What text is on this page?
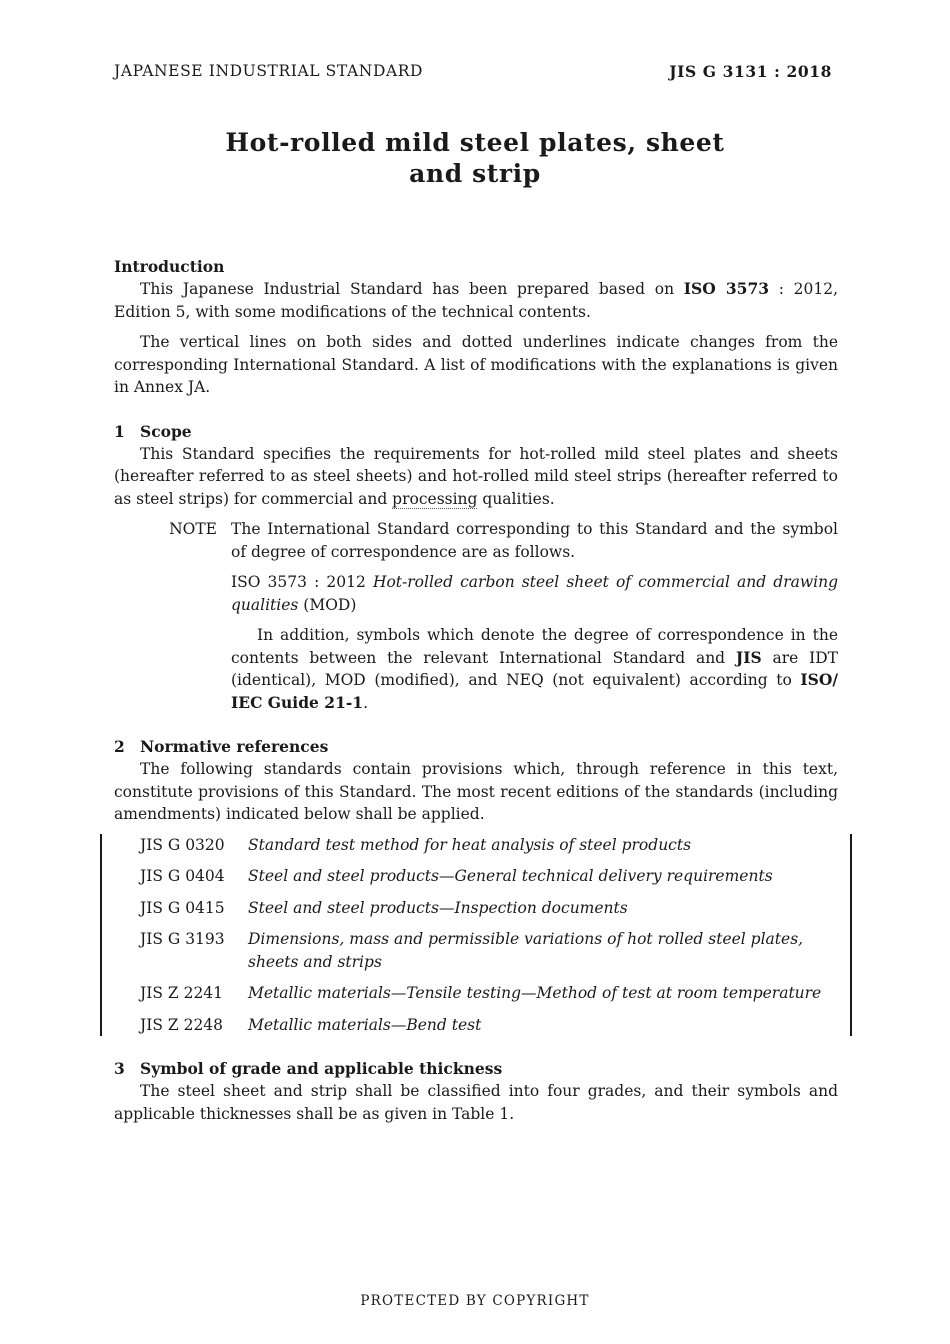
JAPANESE INDUSTRIAL STANDARD	JIS G 3131 : 2018
Hot-rolled mild steel plates, sheet
and strip
Introduction

This Japanese Industrial Standard has been prepared based on ISO 3573 : 2012, Edition 5, with some modifications of the technical contents.

The vertical lines on both sides and dotted underlines indicate changes from the corresponding International Standard. A list of modifications with the explanations is given in Annex JA.

1 Scope

This Standard specifies the requirements for hot-rolled mild steel plates and sheets (hereafter referred to as steel sheets) and hot-rolled mild steel strips (hereafter referred to as steel strips) for commercial and processing qualities.

NOTE The International Standard corresponding to this Standard and the symbol of degree of correspondence are as follows.

ISO 3573 : 2012 Hot-rolled carbon steel sheet of commercial and drawing qualities (MOD)

In addition, symbols which denote the degree of correspondence in the contents between the relevant International Standard and JIS are IDT (identical), MOD (modified), and NEQ (not equivalent) according to ISO/ IEC Guide 21-1.

2 Normative references

The following standards contain provisions which, through reference in this text, constitute provisions of this Standard. The most recent editions of the standards (including amendments) indicated below shall be applied.

JIS G 0320	Standard test method for heat analysis of steel products
JIS G 0404	Steel and steel products—General technical delivery requirements
JIS G 0415	Steel and steel products—Inspection documents
JIS G 3193	Dimensions, mass and permissible variations of hot rolled steel plates, sheets and strips
JIS Z 2241	Metallic materials—Tensile testing—Method of test at room temperature
JIS Z 2248	Metallic materials—Bend test
3 Symbol of grade and applicable thickness

The steel sheet and strip shall be classified into four grades, and their symbols and applicable thicknesses shall be as given in Table 1.

PROTECTED BY COPYRIGHT
